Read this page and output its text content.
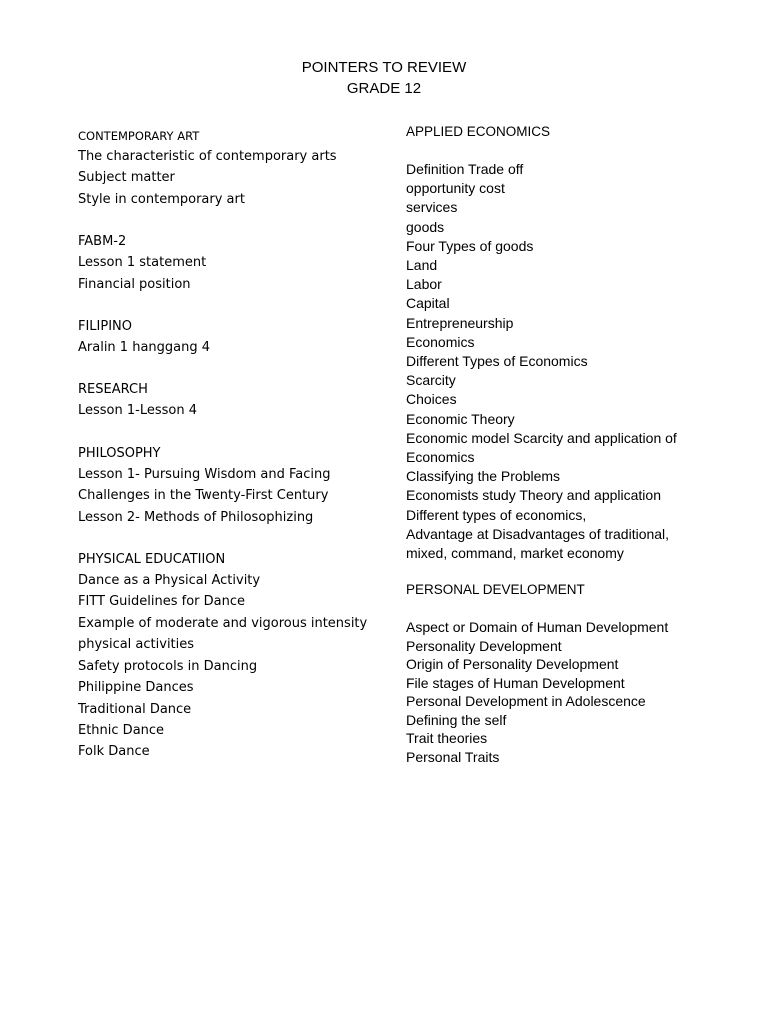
POINTERS TO REVIEW
GRADE 12
CONTEMPORARY ART
The characteristic of contemporary arts
Subject matter
Style in contemporary art
FABM-2
Lesson 1 statement
Financial position
FILIPINO
Aralin 1 hanggang 4
RESEARCH
Lesson 1-Lesson 4
PHILOSOPHY
Lesson 1- Pursuing Wisdom and Facing
Challenges in the Twenty-First Century
Lesson 2- Methods of Philosophizing
PHYSICAL EDUCATIION
Dance as a Physical Activity
FITT Guidelines for Dance
Example of moderate and vigorous intensity
physical activities
Safety protocols in Dancing
Philippine Dances
Traditional Dance
Ethnic Dance
Folk Dance
APPLIED ECONOMICS
Definition Trade off
opportunity cost
services
goods
Four Types of goods
Land
Labor
Capital
Entrepreneurship
Economics
Different Types of Economics
Scarcity
Choices
Economic Theory
Economic model Scarcity and application of
Economics
Classifying the Problems
Economists study Theory and application
Different types of economics,
Advantage at Disadvantages of traditional,
mixed, command, market economy
PERSONAL DEVELOPMENT
Aspect or Domain of Human Development
Personality Development
Origin of Personality Development
File stages of Human Development
Personal Development in Adolescence
Defining the self
Trait theories
Personal Traits
